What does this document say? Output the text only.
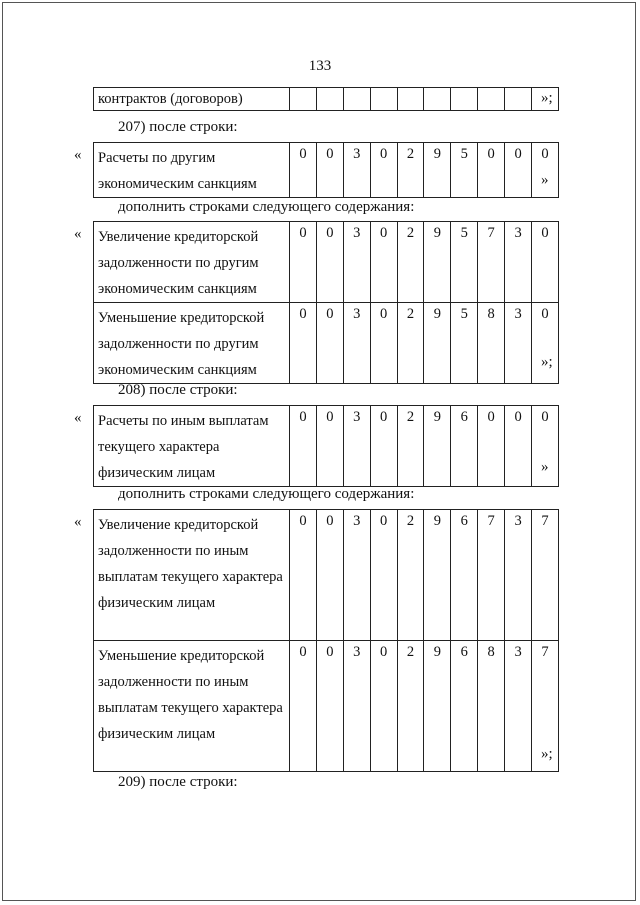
133
контрактов (договоров)											»;
207) после строки:
« Расчеты по другим экономическим санкциям	0	0	3	0	2	9	5	0	0	0
»
дополнить строками следующего содержания:
« Увеличение кредиторской задолженности по другим экономическим санкциям	0	0	3	0	2	9	5	7	3	0
Уменьшение кредиторской задолженности по другим экономическим санкциям	0	0	3	0	2	9	5	8	3	0
»;
208) после строки:
« Расчеты по иным выплатам текущего характера физическим лицам	0	0	3	0	2	9	6	0	0	0
»
дополнить строками следующего содержания:
« Увеличение кредиторской задолженности по иным выплатам текущего характера физическим лицам	0	0	3	0	2	9	6	7	3	7
Уменьшение кредиторской задолженности по иным выплатам текущего характера физическим лицам	0	0	3	0	2	9	6	8	3	7
»;
209) после строки:
